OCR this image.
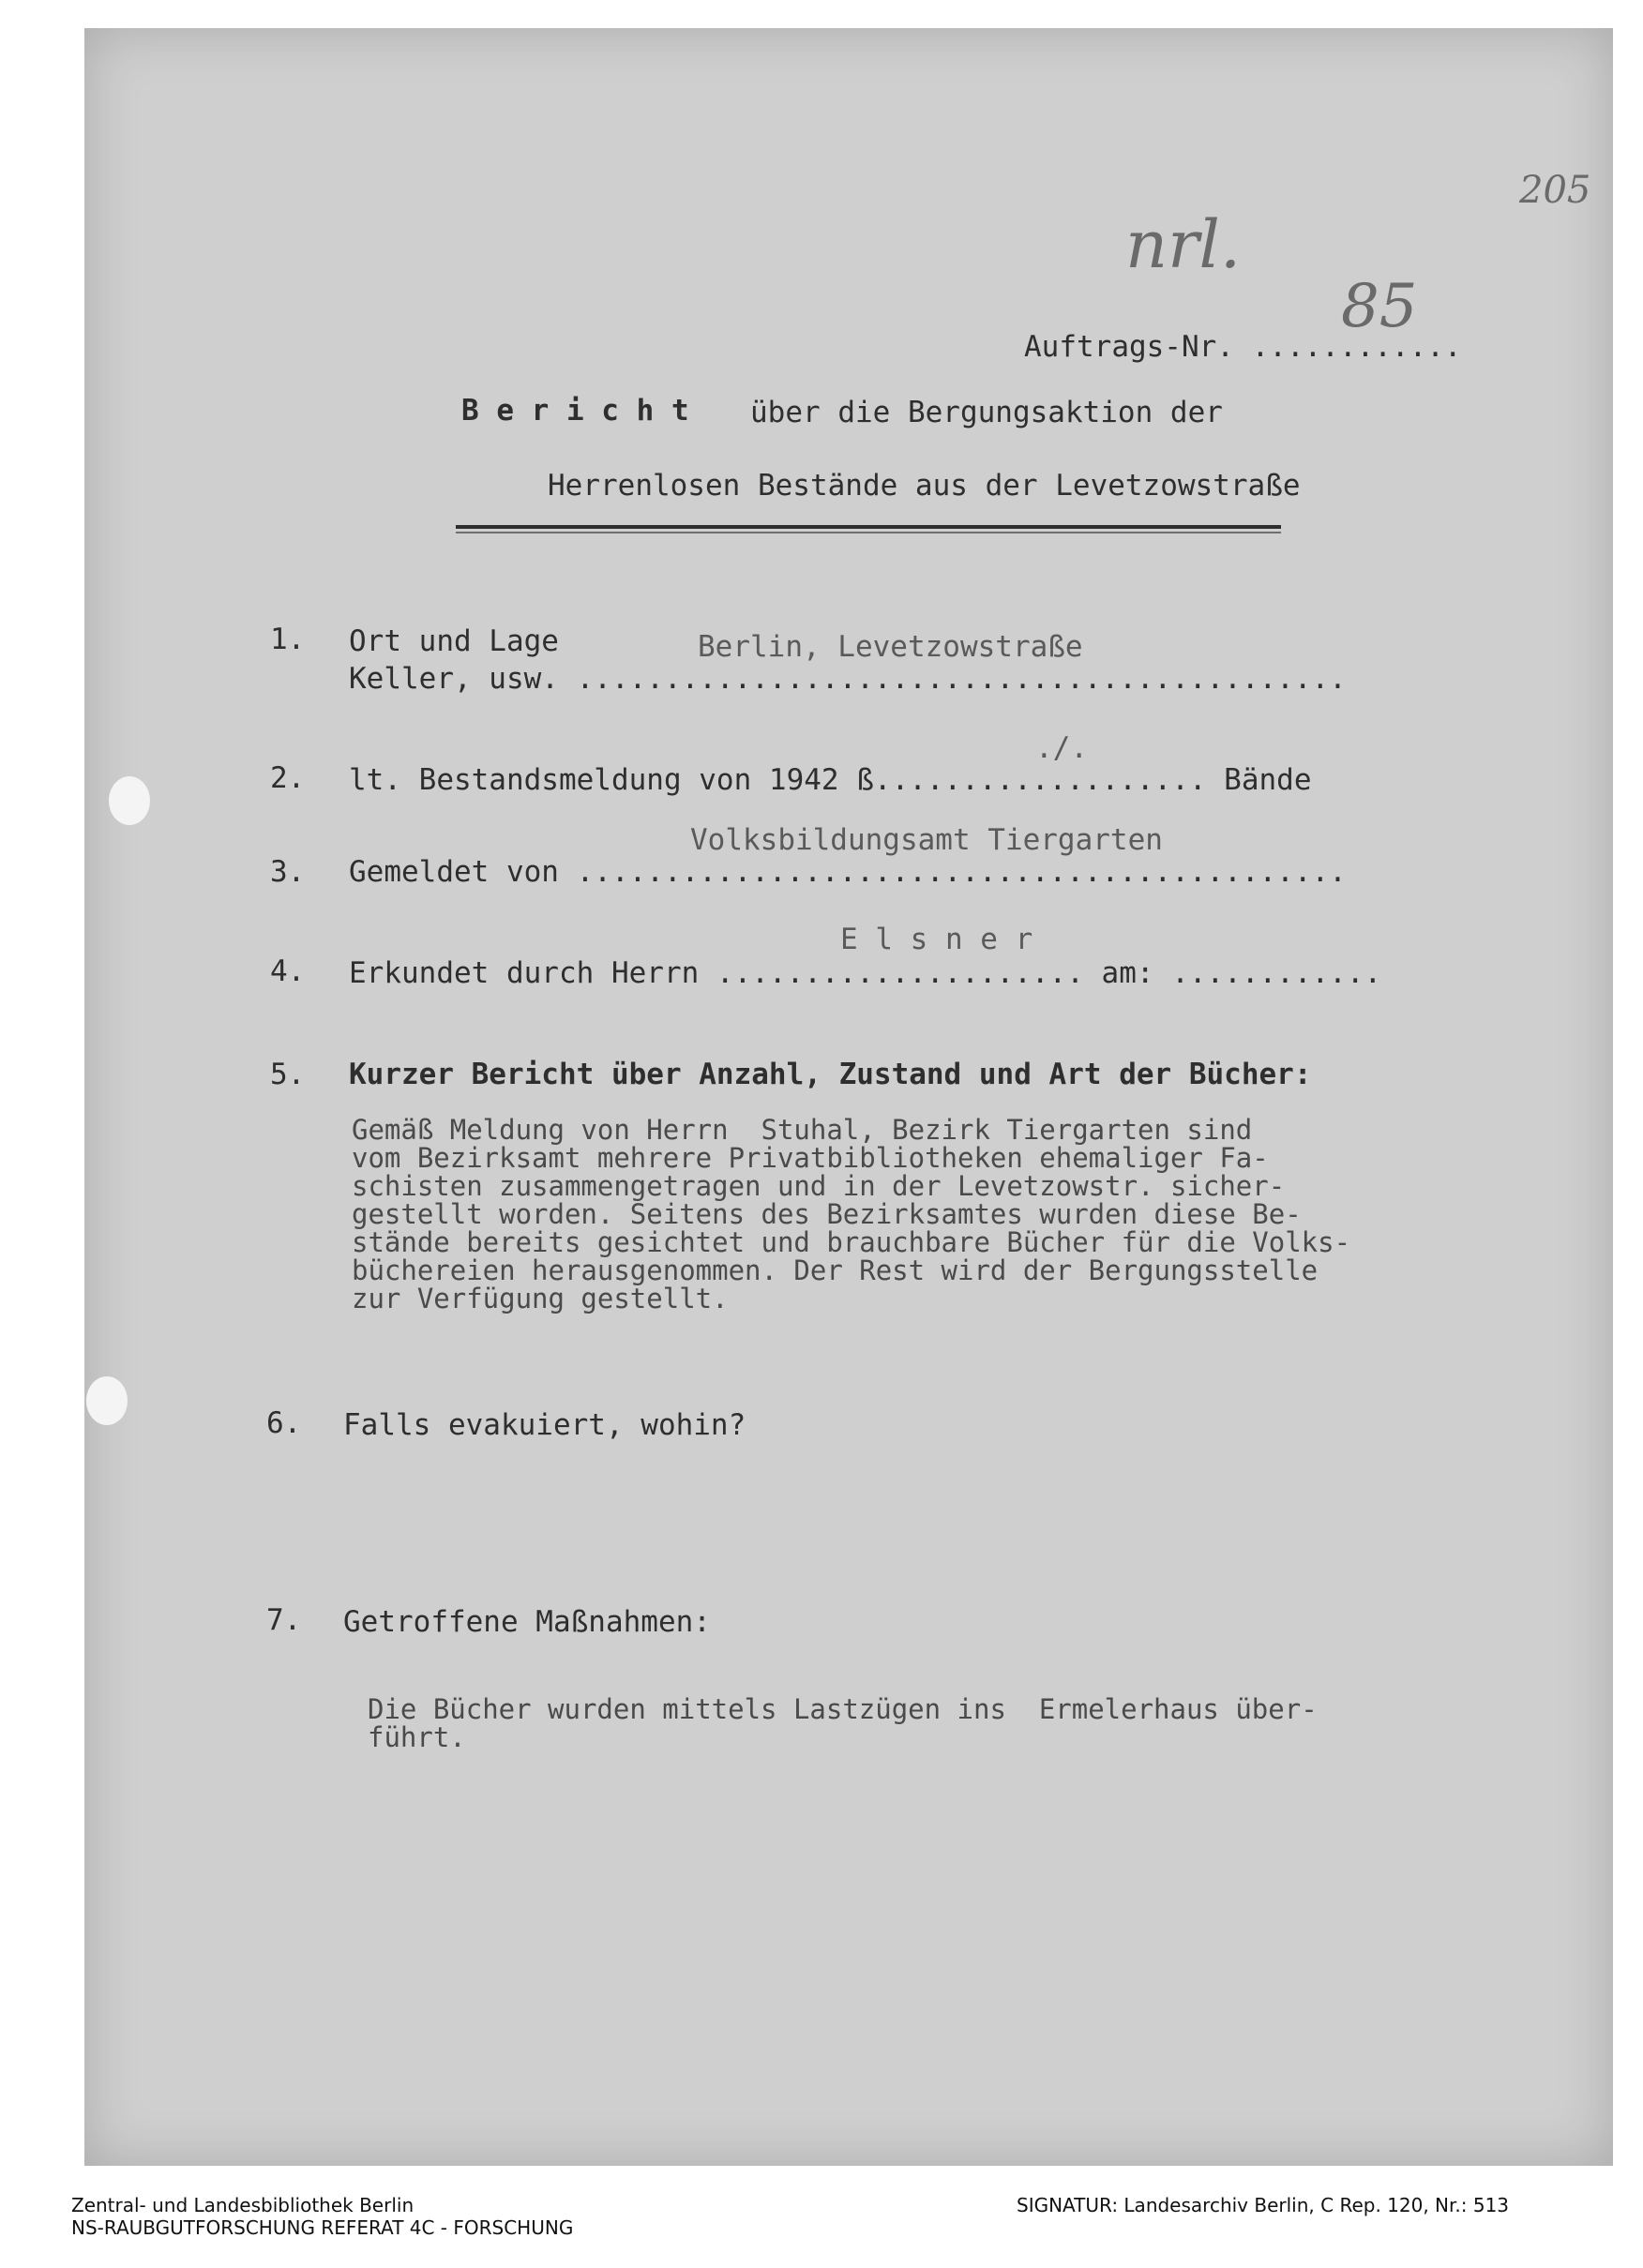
205
nrl.
85
Auftrags-Nr. ............
B e r i c h t über die Bergungsaktion der
Herrenlosen Bestände aus der Levetzowstraße
1. Ort und Lage	Berlin, Levetzowstraße
Keller, usw. ............................................
./.
2. lt. Bestandsmeldung von 1942 ß................... Bände
Volksbildungsamt Tiergarten
3. Gemeldet von ............................................
E l s n e r
4. Erkundet durch Herrn ..................... am: ............
5. Kurzer Bericht über Anzahl, Zustand und Art der Bücher:
Gemäß Meldung von Herrn  Stuhal, Bezirk Tiergarten sind
vom Bezirksamt mehrere Privatbibliotheken ehemaliger Fa-
schisten zusammengetragen und in der Levetzowstr. sicher-
gestellt worden. Seitens des Bezirksamtes wurden diese Be-
stände bereits gesichtet und brauchbare Bücher für die Volks-
büchereien herausgenommen. Der Rest wird der Bergungsstelle
zur Verfügung gestellt.
6. Falls evakuiert, wohin?
7. Getroffene Maßnahmen:
Die Bücher wurden mittels Lastzügen ins  Ermelerhaus über-
führt.
Zentral- und Landesbibliothek Berlin
NS-RAUBGUTFORSCHUNG REFERAT 4C - FORSCHUNG
SIGNATUR: Landesarchiv Berlin, C Rep. 120, Nr.: 513
